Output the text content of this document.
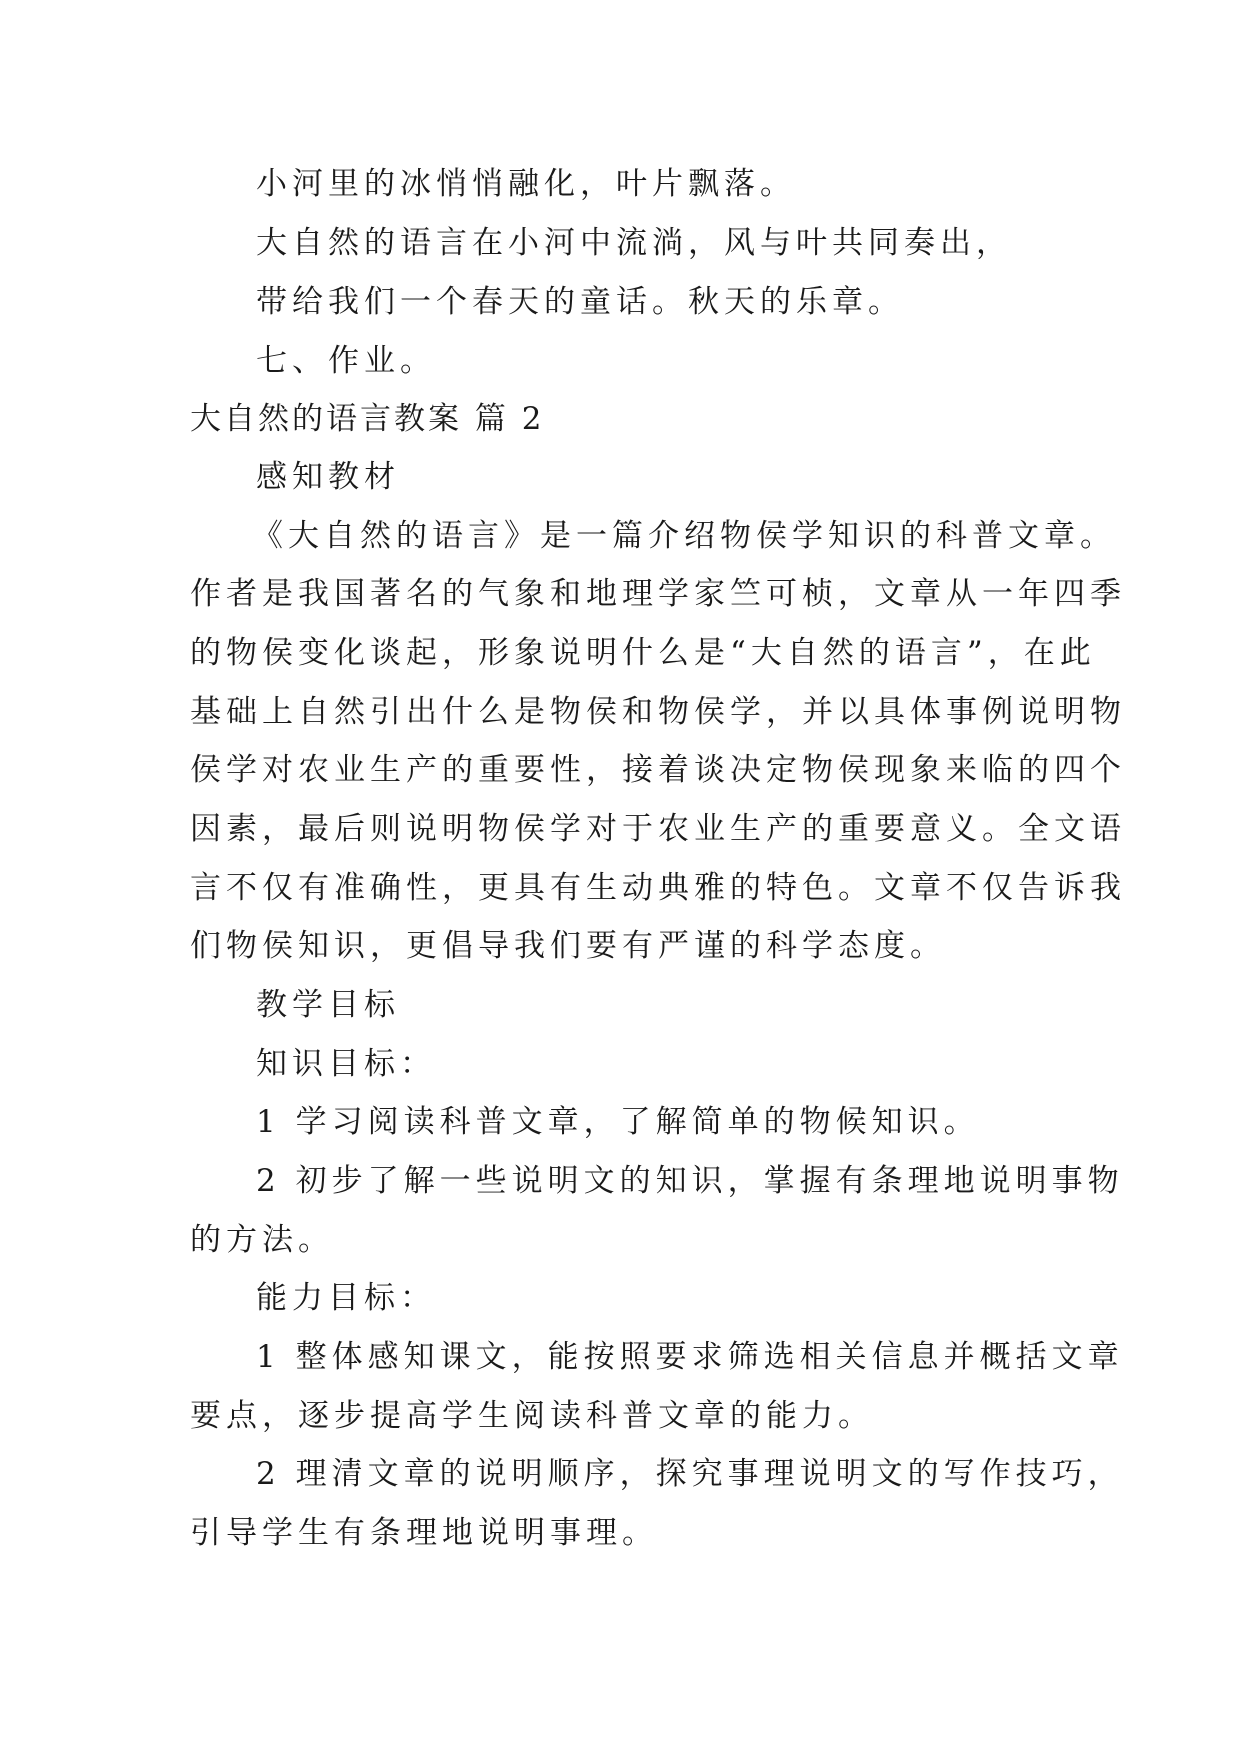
小河里的冰悄悄融化，叶片飘落。
大自然的语言在小河中流淌，风与叶共同奏出，
带给我们一个春天的童话。秋天的乐章。
七、作业。
大自然的语言教案 篇 2
感知教材
《大自然的语言》是一篇介绍物侯学知识的科普文章。
作者是我国著名的气象和地理学家竺可桢，文章从一年四季
的物侯变化谈起，形象说明什么是“大自然的语言”，在此
基础上自然引出什么是物侯和物侯学，并以具体事例说明物
侯学对农业生产的重要性，接着谈决定物侯现象来临的四个
因素，最后则说明物侯学对于农业生产的重要意义。全文语
言不仅有准确性，更具有生动典雅的特色。文章不仅告诉我
们物侯知识，更倡导我们要有严谨的科学态度。
教学目标
知识目标：
1 学习阅读科普文章，了解简单的物候知识。
2 初步了解一些说明文的知识，掌握有条理地说明事物
的方法。
能力目标：
1 整体感知课文，能按照要求筛选相关信息并概括文章
要点，逐步提高学生阅读科普文章的能力。
2 理清文章的说明顺序，探究事理说明文的写作技巧，
引导学生有条理地说明事理。
